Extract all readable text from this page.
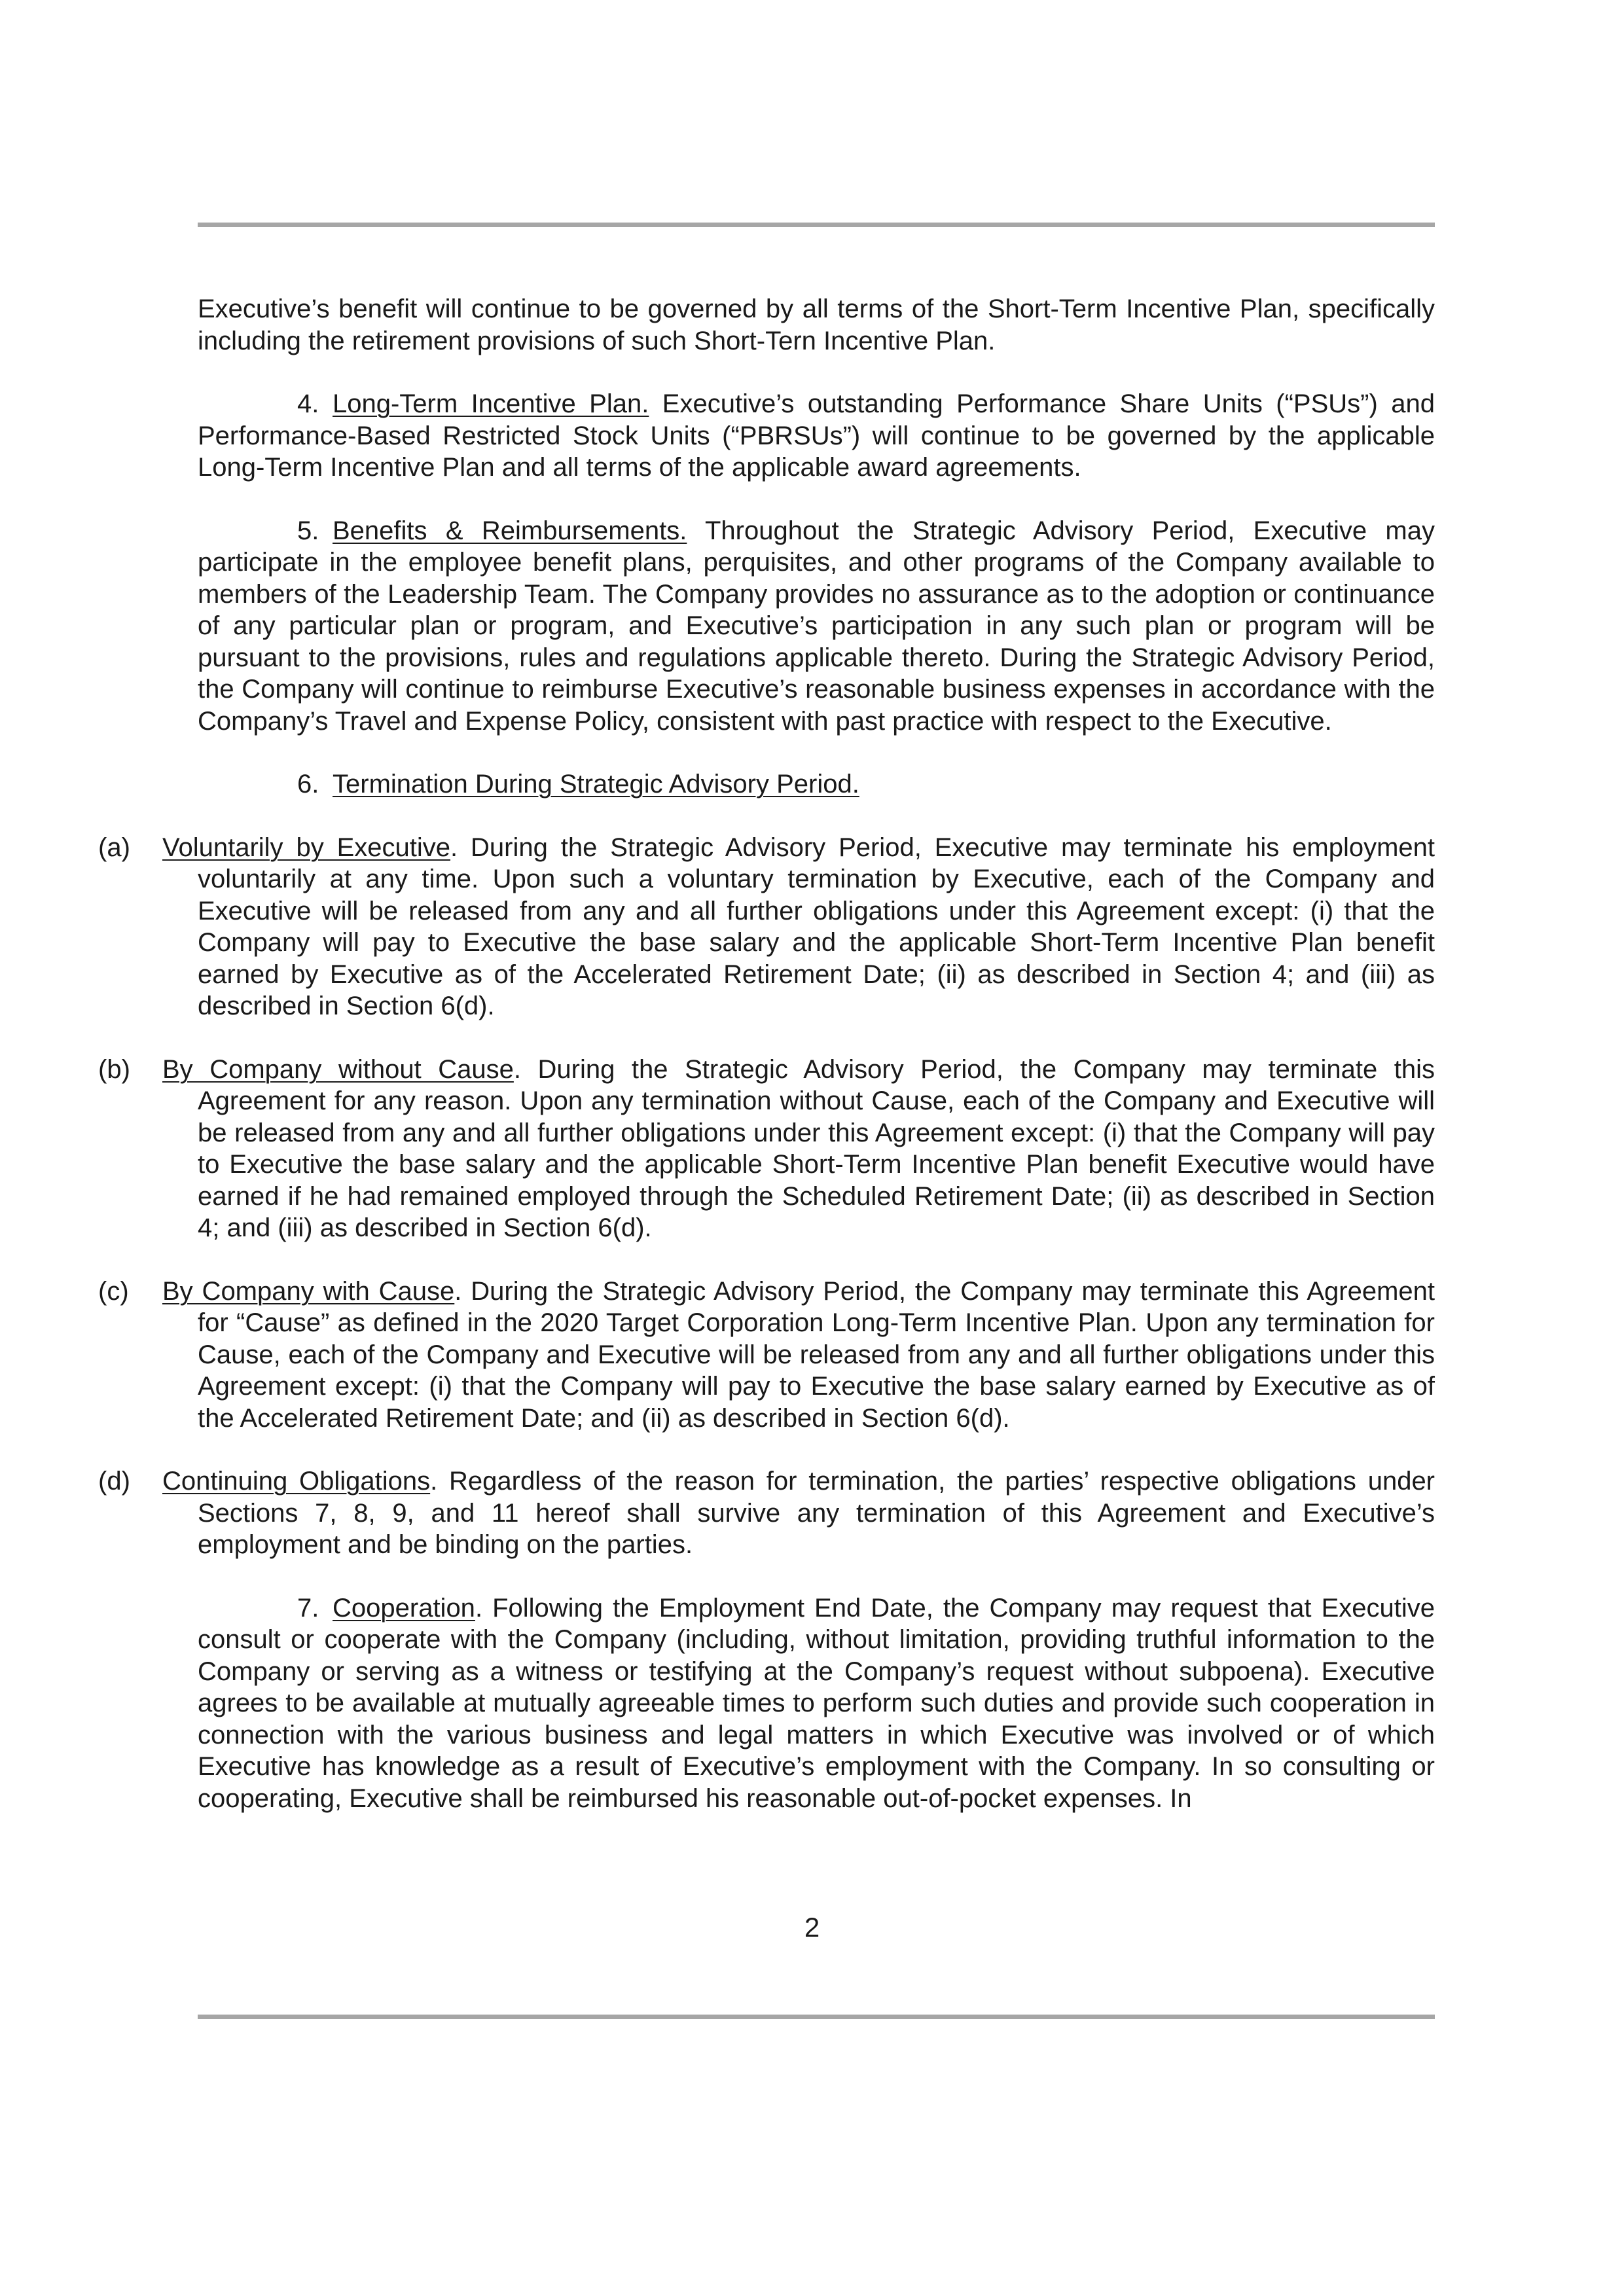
Executive’s benefit will continue to be governed by all terms of the Short-Term Incentive Plan, specifically including the retirement provisions of such Short-Tern Incentive Plan.

4. Long-Term Incentive Plan. Executive’s outstanding Performance Share Units (“PSUs”) and Performance-Based Restricted Stock Units (“PBRSUs”) will continue to be governed by the applicable Long-Term Incentive Plan and all terms of the applicable award agreements.

5. Benefits & Reimbursements. Throughout the Strategic Advisory Period, Executive may participate in the employee benefit plans, perquisites, and other programs of the Company available to members of the Leadership Team. The Company provides no assurance as to the adoption or continuance of any particular plan or program, and Executive’s participation in any such plan or program will be pursuant to the provisions, rules and regulations applicable thereto. During the Strategic Advisory Period, the Company will continue to reimburse Executive’s reasonable business expenses in accordance with the Company’s Travel and Expense Policy, consistent with past practice with respect to the Executive.

6. Termination During Strategic Advisory Period.

(a) Voluntarily by Executive. During the Strategic Advisory Period, Executive may terminate his employment voluntarily at any time. Upon such a voluntary termination by Executive, each of the Company and Executive will be released from any and all further obligations under this Agreement except: (i) that the Company will pay to Executive the base salary and the applicable Short-Term Incentive Plan benefit earned by Executive as of the Accelerated Retirement Date; (ii) as described in Section 4; and (iii) as described in Section 6(d).

(b) By Company without Cause. During the Strategic Advisory Period, the Company may terminate this Agreement for any reason. Upon any termination without Cause, each of the Company and Executive will be released from any and all further obligations under this Agreement except: (i) that the Company will pay to Executive the base salary and the applicable Short-Term Incentive Plan benefit Executive would have earned if he had remained employed through the Scheduled Retirement Date; (ii) as described in Section 4; and (iii) as described in Section 6(d).

(c) By Company with Cause. During the Strategic Advisory Period, the Company may terminate this Agreement for “Cause” as defined in the 2020 Target Corporation Long-Term Incentive Plan. Upon any termination for Cause, each of the Company and Executive will be released from any and all further obligations under this Agreement except: (i) that the Company will pay to Executive the base salary earned by Executive as of the Accelerated Retirement Date; and (ii) as described in Section 6(d).

(d) Continuing Obligations. Regardless of the reason for termination, the parties’ respective obligations under Sections 7, 8, 9, and 11 hereof shall survive any termination of this Agreement and Executive’s employment and be binding on the parties.

7. Cooperation. Following the Employment End Date, the Company may request that Executive consult or cooperate with the Company (including, without limitation, providing truthful information to the Company or serving as a witness or testifying at the Company’s request without subpoena). Executive agrees to be available at mutually agreeable times to perform such duties and provide such cooperation in connection with the various business and legal matters in which Executive was involved or of which Executive has knowledge as a result of Executive’s employment with the Company. In so consulting or cooperating, Executive shall be reimbursed his reasonable out-of-pocket expenses. In

2
